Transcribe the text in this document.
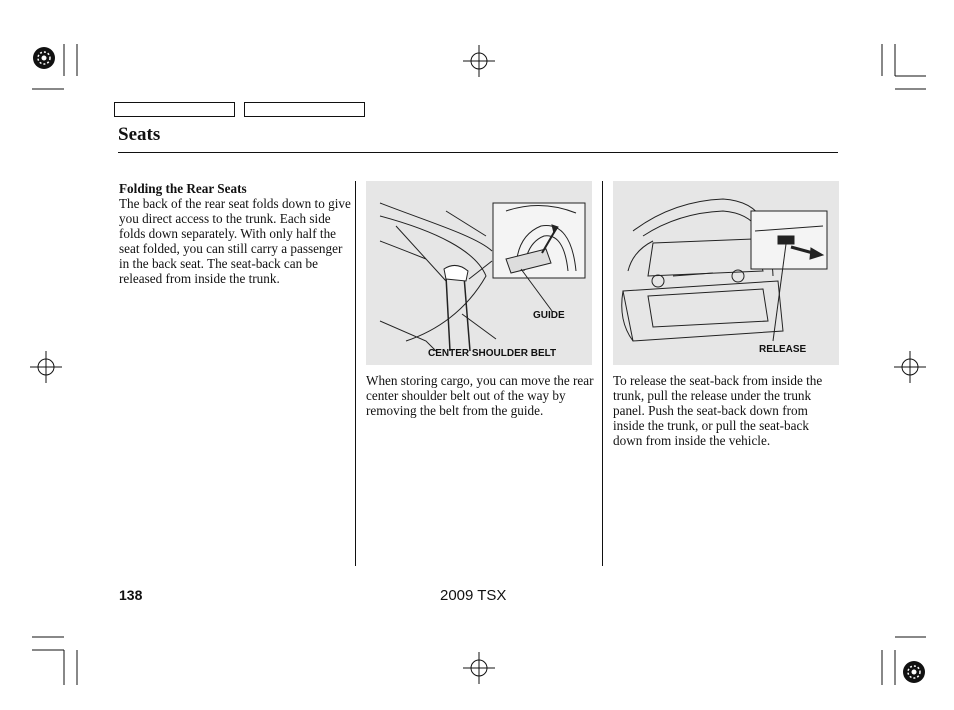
Seats
Folding the Rear Seats
The back of the rear seat folds down to give you direct access to the trunk. Each side folds down separately. With only half the seat folded, you can still carry a passenger in the back seat. The seat-back can be released from inside the trunk.
GUIDE
CENTER SHOULDER BELT
When storing cargo, you can move the rear center shoulder belt out of the way by removing the belt from the guide.
RELEASE
To release the seat-back from inside the trunk, pull the release under the trunk panel. Push the seat-back down from inside the trunk, or pull the seat-back down from inside the vehicle.
138	2009 TSX
